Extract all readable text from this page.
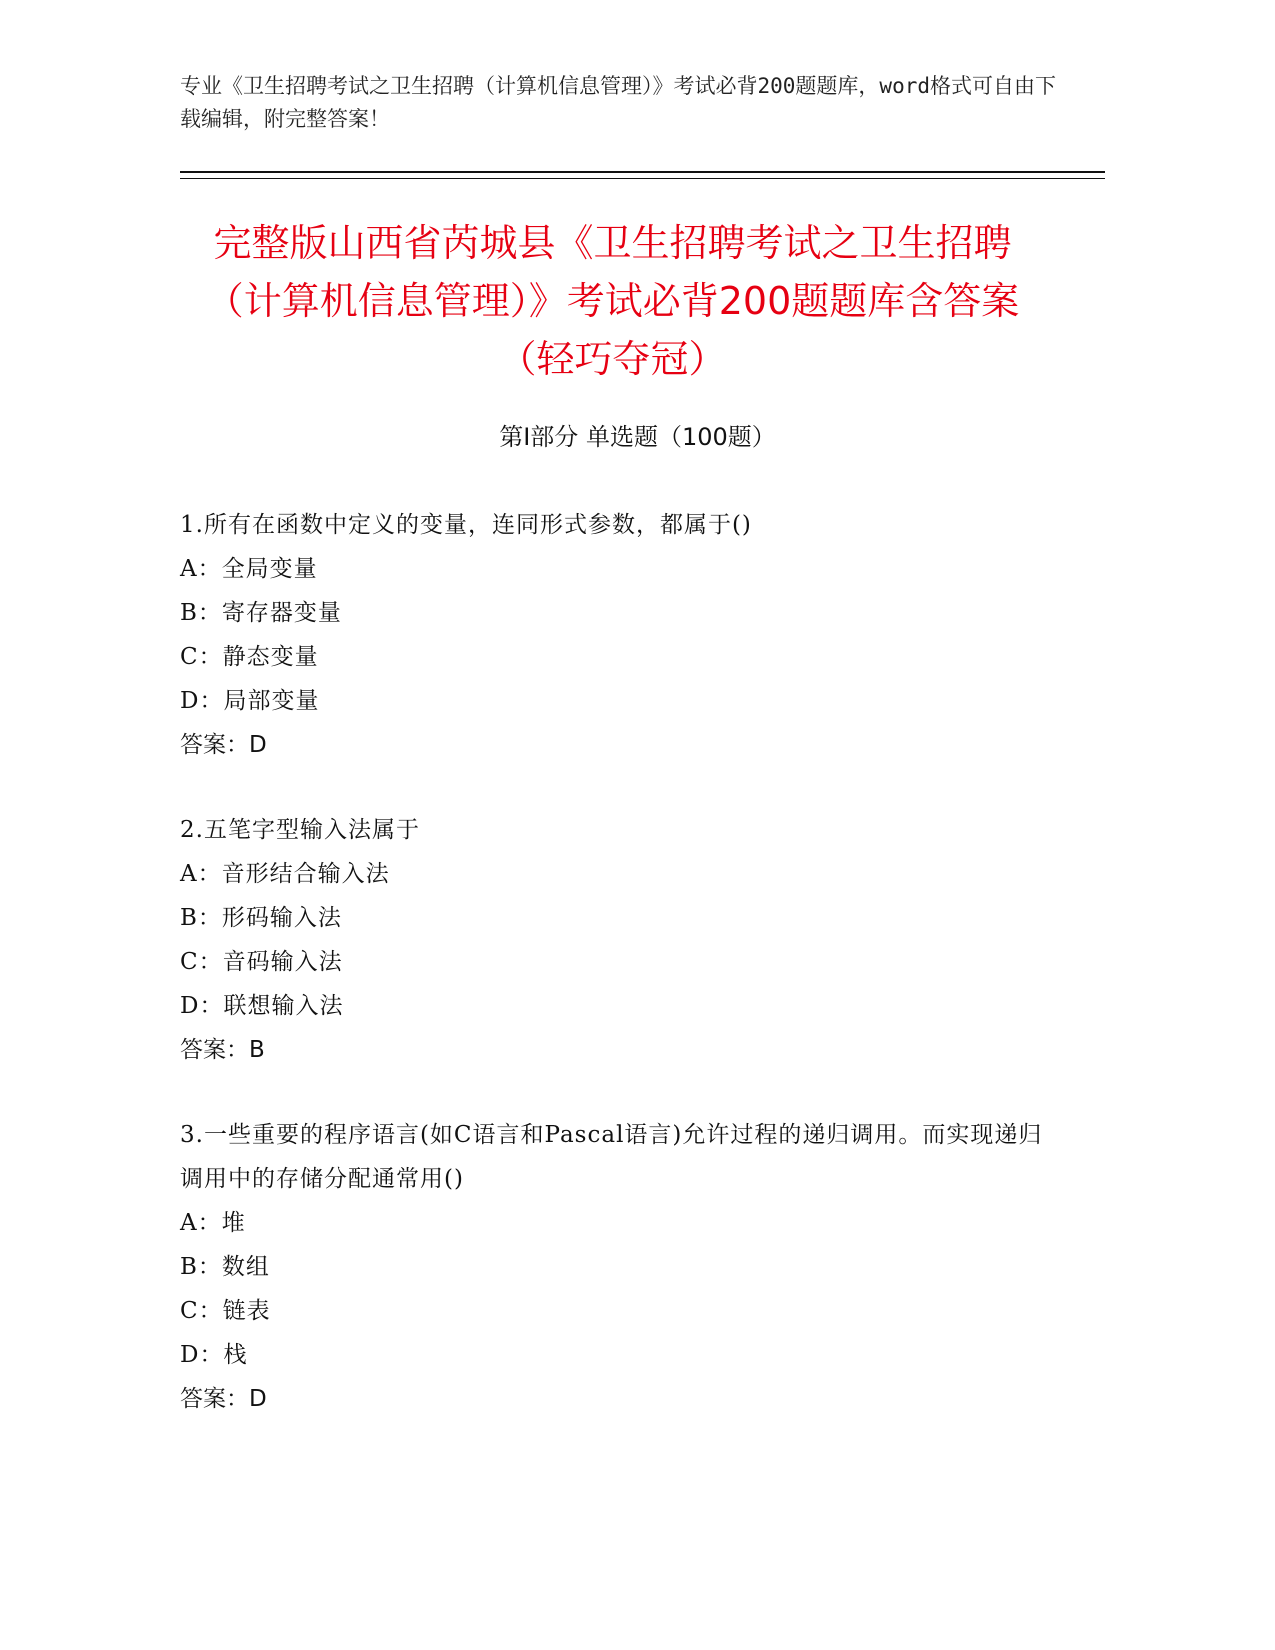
专业《卫生招聘考试之卫生招聘（计算机信息管理）》考试必背200题题库，word格式可自由下载编辑，附完整答案！

完整版山西省芮城县《卫生招聘考试之卫生招聘（计算机信息管理）》考试必背200题题库含答案（轻巧夺冠）
第I部分 单选题（100题）

1.所有在函数中定义的变量，连同形式参数，都属于()

A：全局变量

B：寄存器变量

C：静态变量

D：局部变量

答案：D

2.五笔字型输入法属于

A：音形结合输入法

B：形码输入法

C：音码输入法

D：联想输入法

答案：B

3.一些重要的程序语言(如C语言和Pascal语言)允许过程的递归调用。而实现递归调用中的存储分配通常用()

A：堆

B：数组

C：链表

D：栈

答案：D
